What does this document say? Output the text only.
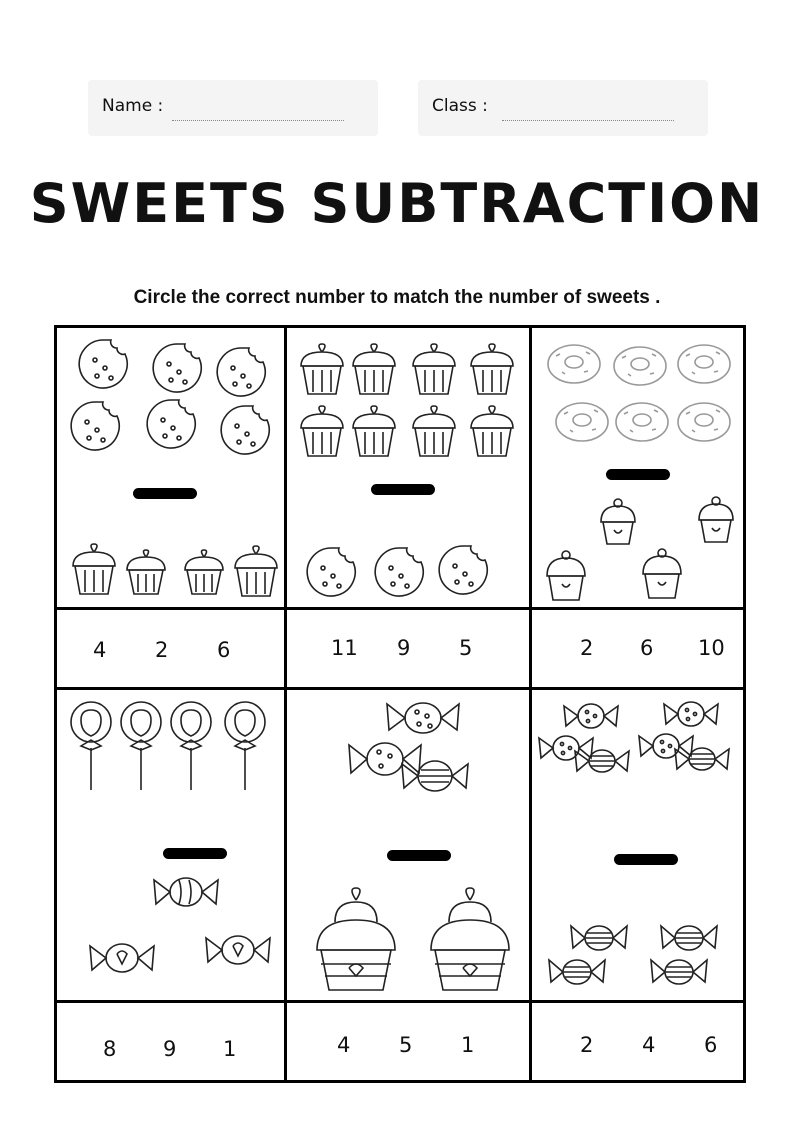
Name :	Class :
SWEETS SUBTRACTION
Circle the correct number to match the number of sweets .
4 2 6	11 9 5	2 6 10
8 9 1	4 5 1	2 4 6
